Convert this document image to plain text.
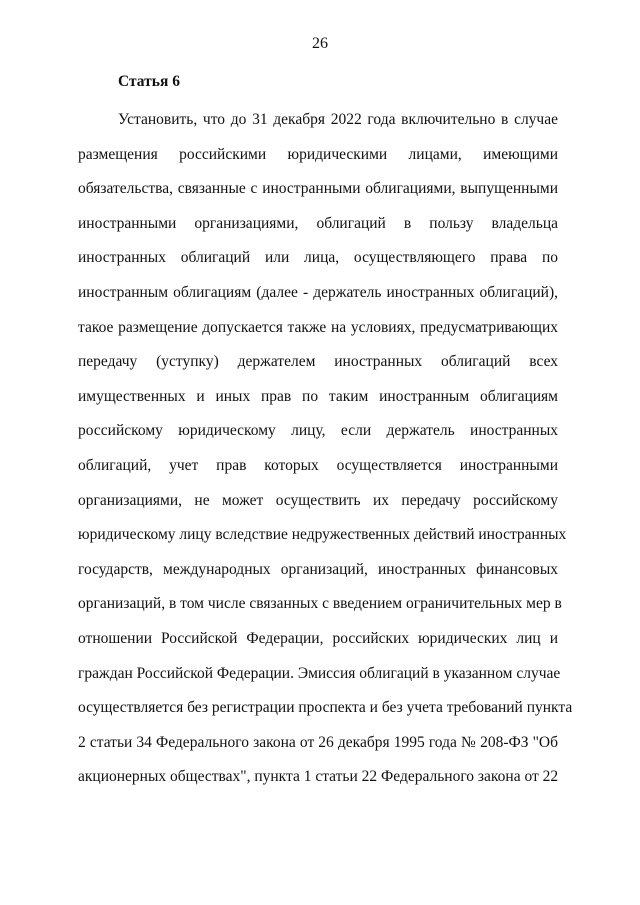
26
Статья 6
Установить, что до 31 декабря 2022 года включительно в случае
размещения российскими юридическими лицами, имеющими
обязательства, связанные с иностранными облигациями, выпущенными
иностранными организациями, облигаций в пользу владельца
иностранных облигаций или лица, осуществляющего права по
иностранным облигациям (далее - держатель иностранных облигаций),
такое размещение допускается также на условиях, предусматривающих
передачу (уступку) держателем иностранных облигаций всех
имущественных и иных прав по таким иностранным облигациям
российскому юридическому лицу, если держатель иностранных
облигаций, учет прав которых осуществляется иностранными
организациями, не может осуществить их передачу российскому
юридическому лицу вследствие недружественных действий иностранных
государств, международных организаций, иностранных финансовых
организаций, в том числе связанных с введением ограничительных мер в
отношении Российской Федерации, российских юридических лиц и
граждан Российской Федерации. Эмиссия облигаций в указанном случае
осуществляется без регистрации проспекта и без учета требований пункта
2 статьи 34 Федерального закона от 26 декабря 1995 года № 208-ФЗ "Об
акционерных обществах", пункта 1 статьи 22 Федерального закона от 22
